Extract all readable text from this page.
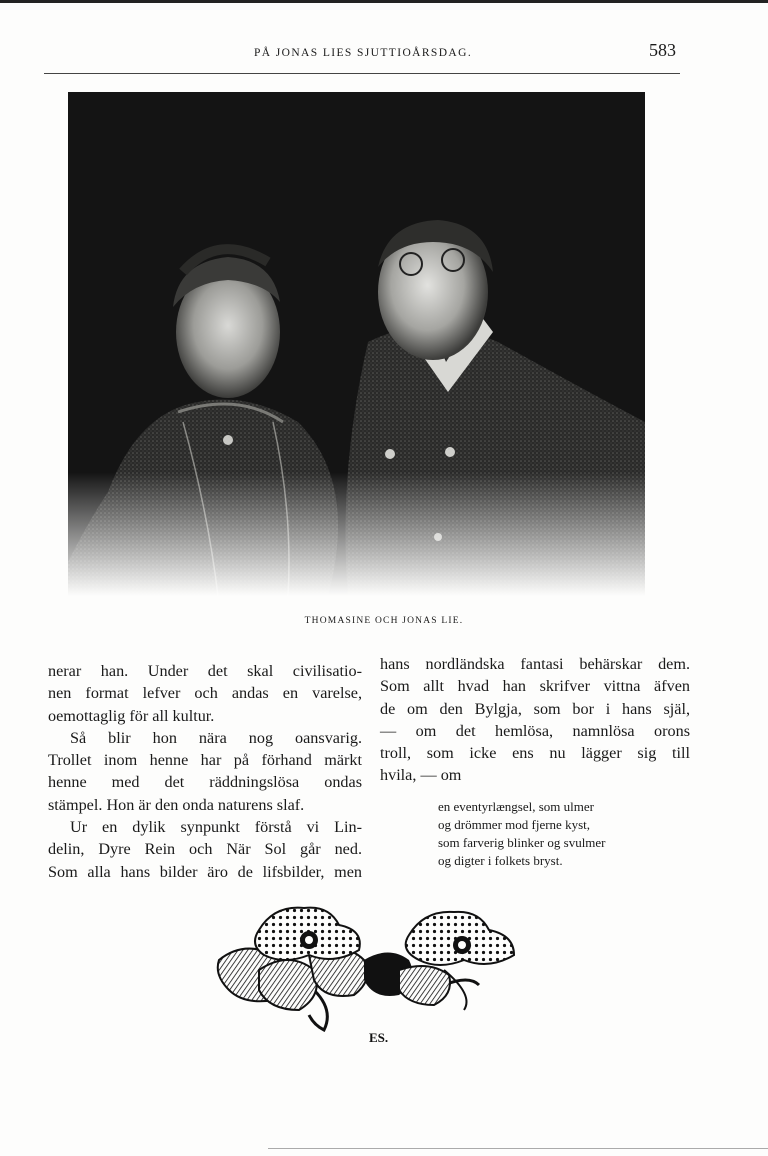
PÅ JONAS LIES SJUTTIOÅRSDAG.	583
THOMASINE OCH JONAS LIE.
nerar han. Under det skal civilisatio-
nen format lefver och andas en varelse,
oemottaglig för all kultur.
Så blir hon nära nog oansvarig.
Trollet inom henne har på förhand märkt
henne med det räddningslösa ondas
stämpel. Hon är den onda naturens slaf.
Ur en dylik synpunkt förstå vi Lin-
delin, Dyre Rein och När Sol går ned.
Som alla hans bilder äro de lifsbilder, men
hans nordländska fantasi behärskar dem.
Som allt hvad han skrifver vittna äfven
de om den Bylgja, som bor i hans själ,
— om det hemlösa, namnlösa orons
troll, som icke ens nu lägger sig till
hvila, — om
en eventyrlængsel, som ulmer
og drömmer mod fjerne kyst,
som farverig blinker og svulmer
og digter i folkets bryst.
ES.
